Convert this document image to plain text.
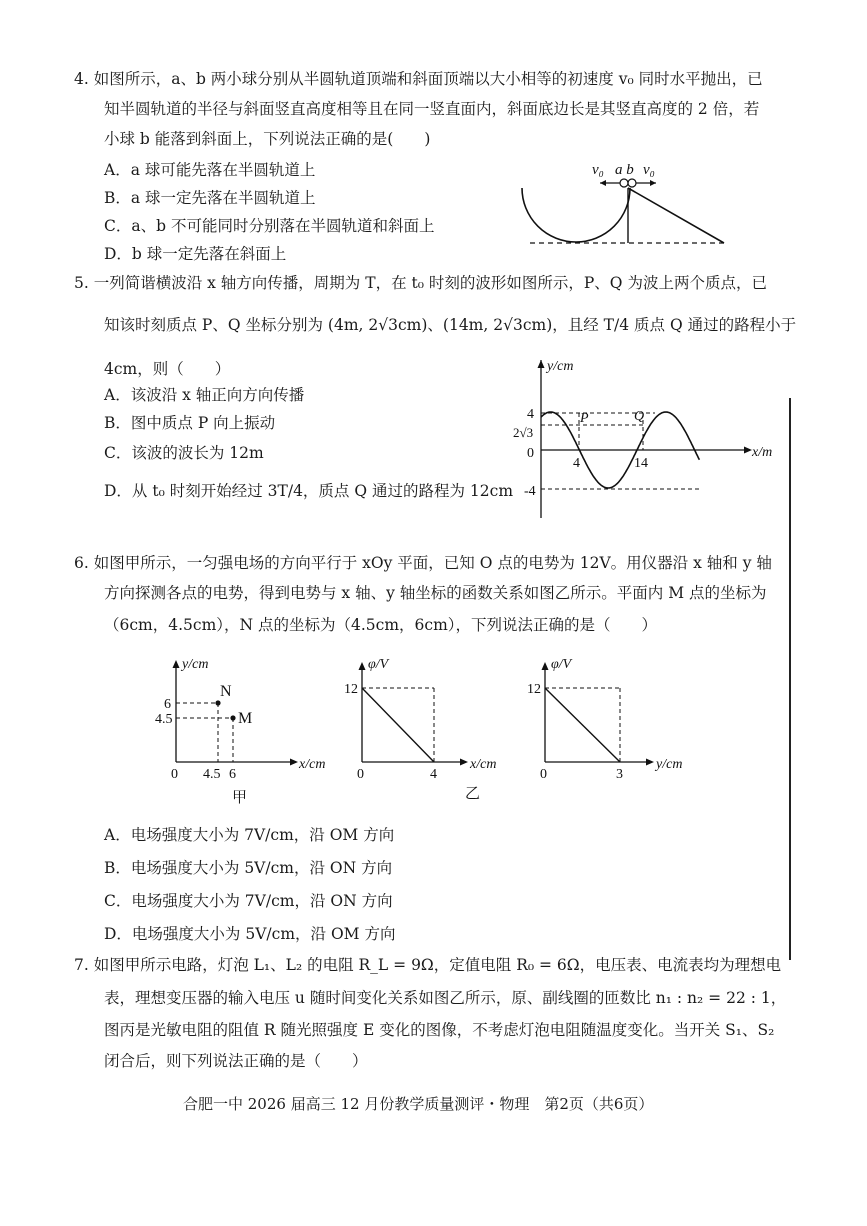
4. 如图所示，a、b 两小球分别从半圆轨道顶端和斜面顶端以大小相等的初速度 v₀ 同时水平抛出，已
知半圆轨道的半径与斜面竖直高度相等且在同一竖直面内，斜面底边长是其竖直高度的 2 倍，若
小球 b 能落到斜面上，下列说法正确的是(　　)
A．a 球可能先落在半圆轨道上
B．a 球一定先落在半圆轨道上
C．a、b 不可能同时分别落在半圆轨道和斜面上
D．b 球一定先落在斜面上
v₀ a b v₀
5. 一列简谐横波沿 x 轴方向传播，周期为 T，在 t₀ 时刻的波形如图所示，P、Q 为波上两个质点，已
知该时刻质点 P、Q 坐标分别为 (4m, 2√3cm)、(14m, 2√3cm)，且经 T/4 质点 Q 通过的路程小于
4cm，则（　　）
A．该波沿 x 轴正向方向传播
B．图中质点 P 向上振动
C．该波的波长为 12m
D．从 t₀ 时刻开始经过 3T/4，质点 Q 通过的路程为 12cm
y/cm
x/m
4
2√3
0
-4
4	14
P	Q
6. 如图甲所示，一匀强电场的方向平行于 xOy 平面，已知 O 点的电势为 12V。用仪器沿 x 轴和 y 轴
方向探测各点的电势，得到电势与 x 轴、y 轴坐标的函数关系如图乙所示。平面内 M 点的坐标为
（6cm，4.5cm），N 点的坐标为（4.5cm，6cm），下列说法正确的是（　　）
y/cm
x/cm
0 4.5 6
6
4.5
N
M
甲
φ/V
x/cm
0
12
4
乙
φ/V
y/cm
0
12
3
A．电场强度大小为 7V/cm，沿 OM 方向
B．电场强度大小为 5V/cm，沿 ON 方向
C．电场强度大小为 7V/cm，沿 ON 方向
D．电场强度大小为 5V/cm，沿 OM 方向
7. 如图甲所示电路，灯泡 L₁、L₂ 的电阻 R_L = 9Ω，定值电阻 R₀ = 6Ω，电压表、电流表均为理想电
表，理想变压器的输入电压 u 随时间变化关系如图乙所示，原、副线圈的匝数比 n₁ : n₂ = 22 : 1，
图丙是光敏电阻的阻值 R 随光照强度 E 变化的图像，不考虑灯泡电阻随温度变化。当开关 S₁、S₂
闭合后，则下列说法正确的是（　　）
合肥一中 2026 届高三 12 月份教学质量测评・物理　第2页（共6页）
